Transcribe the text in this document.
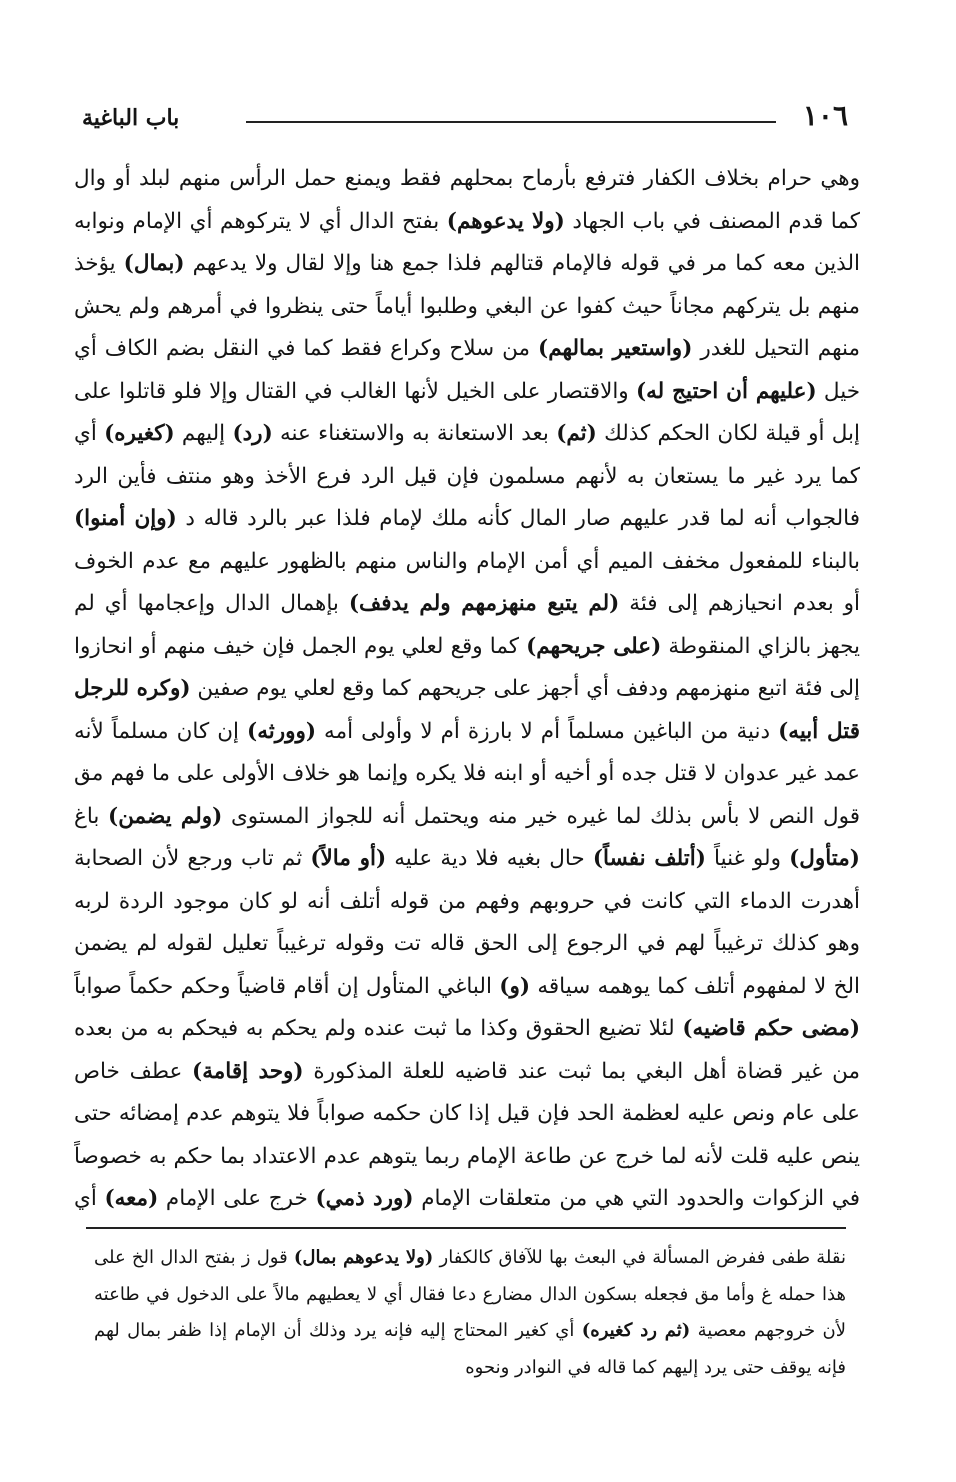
١٠٦
باب الباغية

وهي حرام بخلاف الكفار فترفع بأرماح بمحلهم فقط ويمنع حمل الرأس منهم لبلد أو وال كما قدم المصنف في باب الجهاد (ولا يدعوهم) بفتح الدال أي لا يتركوهم أي الإمام ونوابه الذين معه كما مر في قوله فالإمام قتالهم فلذا جمع هنا وإلا لقال ولا يدعهم (بمال) يؤخذ منهم بل يتركهم مجاناً حيث كفوا عن البغي وطلبوا أياماً حتى ينظروا في أمرهم ولم يحش منهم التحيل للغدر (واستعير بمالهم) من سلاح وكراع فقط كما في النقل بضم الكاف أي خيل (عليهم أن احتيج له) والاقتصار على الخيل لأنها الغالب في القتال وإلا فلو قاتلوا على إبل أو قيلة لكان الحكم كذلك (ثم) بعد الاستعانة به والاستغناء عنه (رد) إليهم (كغيره) أي كما يرد غير ما يستعان به لأنهم مسلمون فإن قيل الرد فرع الأخذ وهو منتف فأين الرد فالجواب أنه لما قدر عليهم صار المال كأنه ملك لإمام فلذا عبر بالرد قاله د (وإن أمنوا) بالبناء للمفعول مخفف الميم أي أمن الإمام والناس منهم بالظهور عليهم مع عدم الخوف أو بعدم انحيازهم إلى فئة (لم يتبع منهزمهم ولم يدفف) بإهمال الدال وإعجامها أي لم يجهز بالزاي المنقوطة (على جريحهم) كما وقع لعلي يوم الجمل فإن خيف منهم أو انحازوا إلى فئة اتبع منهزمهم ودفف أي أجهز على جريحهم كما وقع لعلي يوم صفين (وكره للرجل قتل أبيه) دنية من الباغين مسلماً أم لا بارزة أم لا وأولى أمه (وورثه) إن كان مسلماً لأنه عمد غير عدوان لا قتل جده أو أخيه أو ابنه فلا يكره وإنما هو خلاف الأولى على ما فهم مق قول النص لا بأس بذلك لما غيره خير منه ويحتمل أنه للجواز المستوى (ولم يضمن) باغ (متأول) ولو غنياً (أتلف نفساً) حال بغيه فلا دية عليه (أو مالاً) ثم تاب ورجع لأن الصحابة أهدرت الدماء التي كانت في حروبهم وفهم من قوله أتلف أنه لو كان موجود الردة لربه وهو كذلك ترغيباً لهم في الرجوع إلى الحق قاله تت وقوله ترغيباً تعليل لقوله لم يضمن الخ لا لمفهوم أتلف كما يوهمه سياقه (و) الباغي المتأول إن أقام قاضياً وحكم حكماً صواباً (مضى حكم قاضيه) لئلا تضيع الحقوق وكذا ما ثبت عنده ولم يحكم به فيحكم به من بعده من غير قضاة أهل البغي بما ثبت عند قاضيه للعلة المذكورة (وحد إقامة) عطف خاص على عام ونص عليه لعظمة الحد فإن قيل إذا كان حكمه صواباً فلا يتوهم عدم إمضائه حتى ينص عليه قلت لأنه لما خرج عن طاعة الإمام ربما يتوهم عدم الاعتداد بما حكم به خصوصاً في الزكوات والحدود التي هي من متعلقات الإمام (ورد ذمي) خرج على الإمام (معه) أي

نقلة طفى ففرض المسألة في البعث بها للآفاق كالكفار (ولا يدعوهم بمال) قول ز بفتح الدال الخ على هذا حمله غ وأما مق فجعله بسكون الدال مضارع دعا فقال أي لا يعطيهم مالاً على الدخول في طاعته لأن خروجهم معصية (ثم رد كغيره) أي كغير المحتاج إليه فإنه يرد وذلك أن الإمام إذا ظفر بمال لهم فإنه يوقف حتى يرد إليهم كما قاله في النوادر ونحوه
